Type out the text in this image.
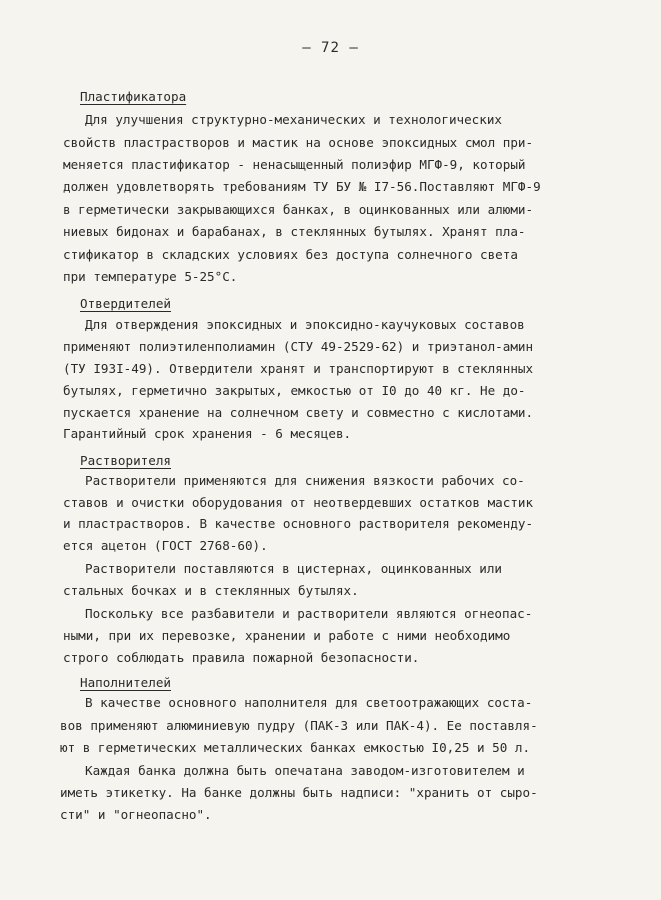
— 72 —
Пластификатора
Для улучшения структурно-механических и технологических
свойств пластрастворов и мастик на основе эпоксидных смол при-
меняется пластификатор - ненасыщенный полиэфир МГФ-9, который
должен удовлетворять требованиям ТУ БУ № I7-56.Поставляют МГФ-9
в герметически закрывающихся банках, в оцинкованных или алюми-
ниевых бидонах и барабанах, в стеклянных бутылях. Хранят пла-
стификатор в складских условиях без доступа солнечного света
при температуре 5-25°С.
Отвердителей
Для отверждения эпоксидных и эпоксидно-каучуковых составов
применяют полиэтиленполиамин (СТУ 49-2529-62) и триэтанол-амин
(ТУ I93I-49). Отвердители хранят и транспортируют в стеклянных
бутылях, герметично закрытых, емкостью от I0 до 40 кг. Не до-
пускается хранение на солнечном свету и совместно с кислотами.
Гарантийный срок хранения - 6 месяцев.
Растворителя
Растворители применяются для снижения вязкости рабочих со-
ставов и очистки оборудования от неотвердевших остатков мастик
и пластрастворов. В качестве основного растворителя рекоменду-
ется ацетон (ГОСТ 2768-60).
Растворители поставляются в цистернах, оцинкованных или
стальных бочках и в стеклянных бутылях.
Поскольку все разбавители и растворители являются огнеопас-
ными, при их перевозке, хранении и работе с ними необходимо
строго соблюдать правила пожарной безопасности.
Наполнителей
В качестве основного наполнителя для светоотражающих соста-
вов применяют алюминиевую пудру (ПАК-3 или ПАК-4). Ее поставля-
ют в герметических металлических банках емкостью I0,25 и 50 л.
Каждая банка должна быть опечатана заводом-изготовителем и
иметь этикетку. На банке должны быть надписи: "хранить от сыро-
сти" и "огнеопасно".
